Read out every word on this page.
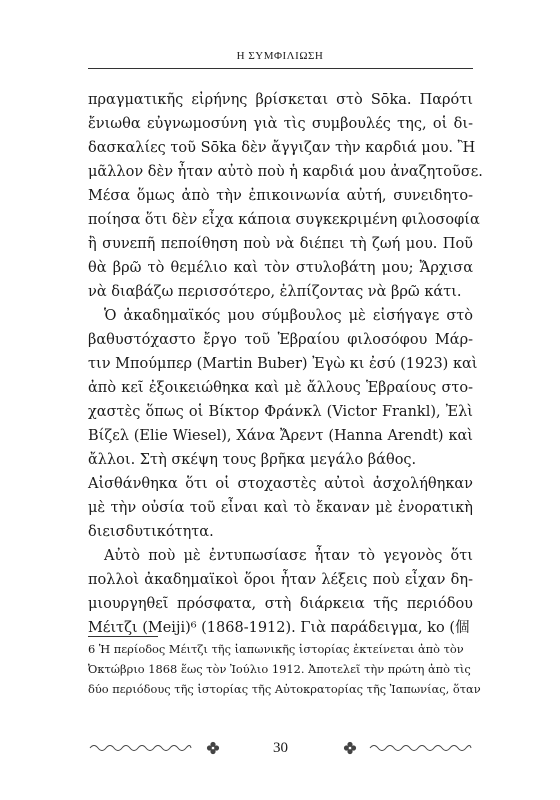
Η ΣΥΜΦΙΛΙΩΣΗ
πραγματικῆς εἰρήνης βρίσκεται στὸ Sōka. Παρότι
ἔνιωθα εὐγνωμοσύνη γιὰ τὶς συμβουλές της, οἱ δι-
δασκαλίες τοῦ Sōka δὲν ἄγγιζαν τὴν καρδιά μου. Ἢ
μᾶλλον δὲν ἦταν αὐτὸ ποὺ ἡ καρδιά μου ἀναζητοῦσε.
Μέσα ὅμως ἀπὸ τὴν ἐπικοινωνία αὐτή, συνειδητο-
ποίησα ὅτι δὲν εἶχα κάποια συγκεκριμένη φιλοσοφία
ἢ συνεπῆ πεποίθηση ποὺ νὰ διέπει τὴ ζωή μου. Ποῦ
θὰ βρῶ τὸ θεμέλιο καὶ τὸν στυλοβάτη μου; Ἄρχισα
νὰ διαβάζω περισσότερο, ἐλπίζοντας νὰ βρῶ κάτι.
Ὁ ἀκαδημαϊκός μου σύμβουλος μὲ εἰσήγαγε στὸ
βαθυστόχαστο ἔργο τοῦ Ἑβραίου φιλοσόφου Μάρ-
τιν Μπούμπερ (Martin Buber) Ἐγὼ κι ἐσύ (1923) καὶ
ἀπὸ κεῖ ἐξοικειώθηκα καὶ μὲ ἄλλους Ἑβραίους στο-
χαστὲς ὅπως οἱ Βίκτορ Φράνκλ (Victor Frankl), Ἐλὶ
Βίζελ (Elie Wiesel), Χάνα Ἄρεντ (Hanna Arendt) καὶ
ἄλλοι. Στὴ σκέψη τους βρῆκα μεγάλο βάθος.
Αἰσθάνθηκα ὅτι οἱ στοχαστὲς αὐτοὶ ἀσχολήθηκαν
μὲ τὴν οὐσία τοῦ εἶναι καὶ τὸ ἔκαναν μὲ ἐνορατικὴ
διεισδυτικότητα.
Αὐτὸ ποὺ μὲ ἐντυπωσίασε ἦταν τὸ γεγονὸς ὅτι
πολλοὶ ἀκαδημαϊκοὶ ὅροι ἦταν λέξεις ποὺ εἶχαν δη-
μιουργηθεῖ πρόσφατα, στὴ διάρκεια τῆς περιόδου
Μέιτζι (Meiji)⁶ (1868-1912). Γιὰ παράδειγμα, ko (個
6 Ἡ περίοδος Μέιτζι τῆς ἰαπωνικῆς ἱστορίας ἐκτείνεται ἀπὸ τὸν
Ὀκτώβριο 1868 ἕως τὸν Ἰούλιο 1912. Ἀποτελεῖ τὴν πρώτη ἀπὸ τὶς
δύο περιόδους τῆς ἱστορίας τῆς Αὐτοκρατορίας τῆς Ἰαπωνίας, ὅταν
30
